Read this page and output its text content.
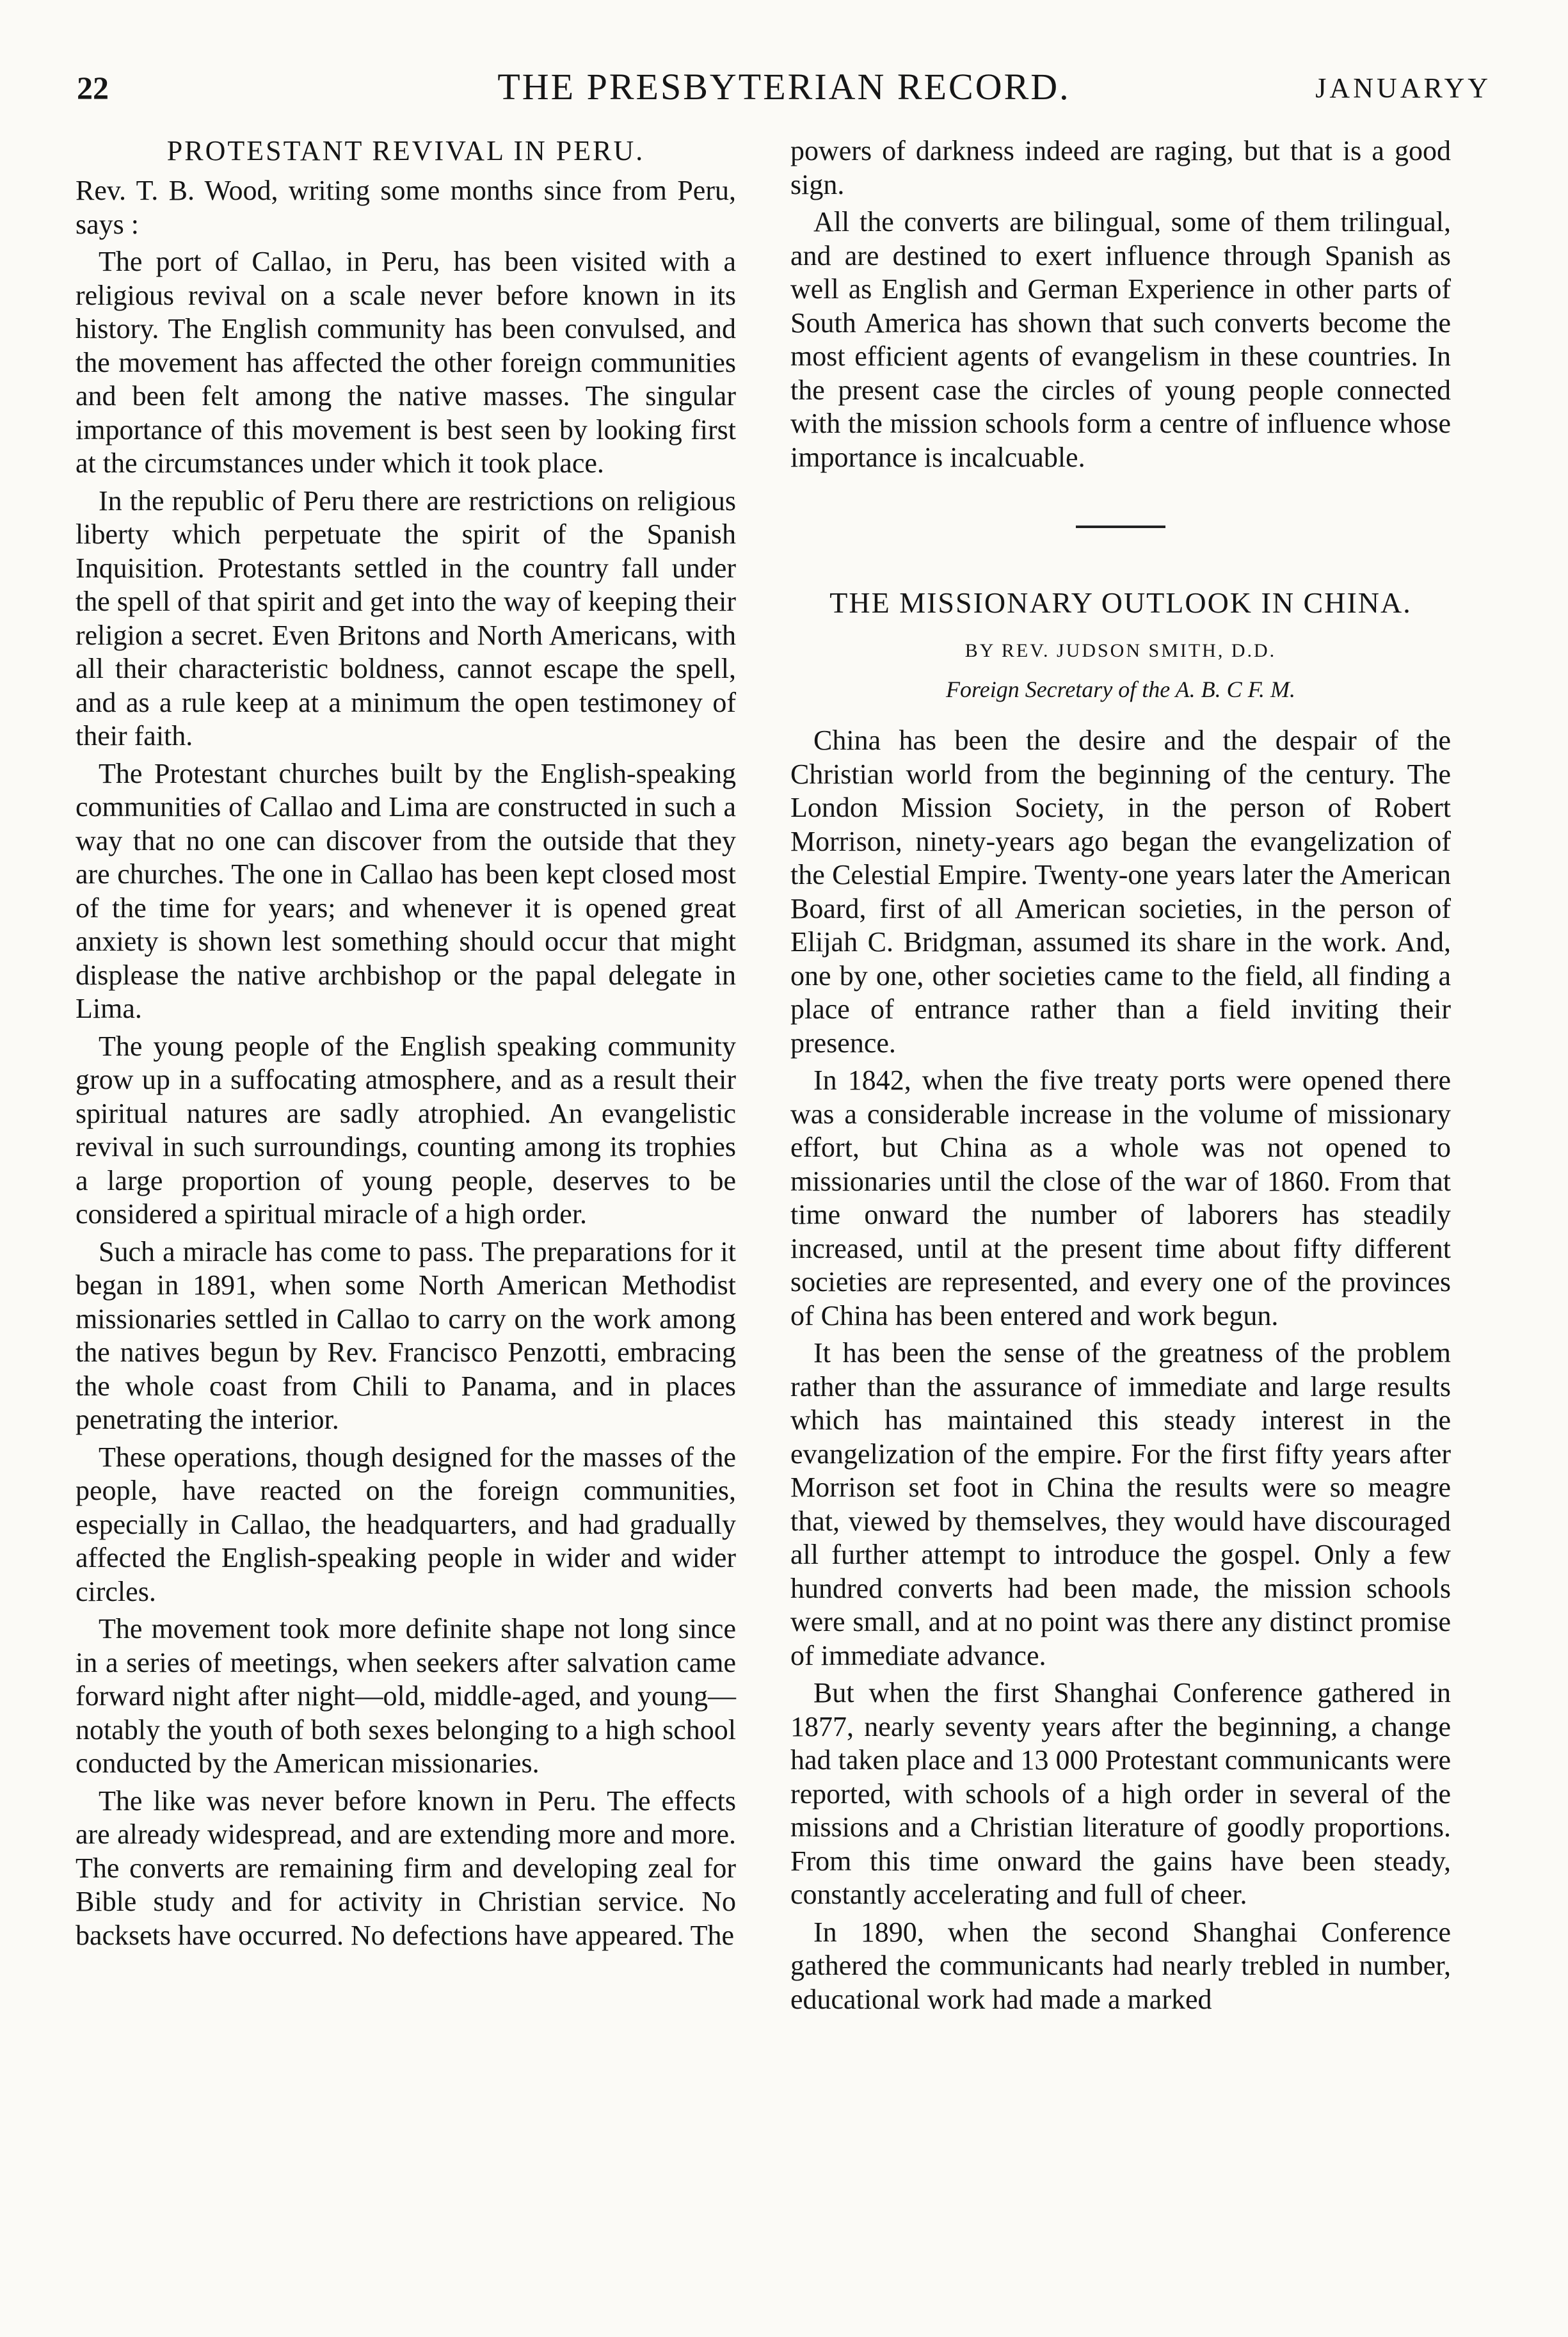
22	THE PRESBYTERIAN RECORD.	JANUARYY
PROTESTANT REVIVAL IN PERU.

Rev. T. B. Wood, writing some months since from Peru, says :

The port of Callao, in Peru, has been visited with a religious revival on a scale never before known in its history. The English community has been convulsed, and the movement has affected the other foreign communities and been felt among the native masses. The singular importance of this movement is best seen by looking first at the circumstances under which it took place.

In the republic of Peru there are restrictions on religious liberty which perpetuate the spirit of the Spanish Inquisition. Protestants settled in the country fall under the spell of that spirit and get into the way of keeping their religion a secret. Even Britons and North Americans, with all their characteristic boldness, cannot escape the spell, and as a rule keep at a minimum the open testimoney of their faith.

The Protestant churches built by the English-speaking communities of Callao and Lima are constructed in such a way that no one can discover from the outside that they are churches. The one in Callao has been kept closed most of the time for years; and whenever it is opened great anxiety is shown lest something should occur that might displease the native archbishop or the papal delegate in Lima.

The young people of the English speaking community grow up in a suffocating atmosphere, and as a result their spiritual natures are sadly atrophied. An evangelistic revival in such surroundings, counting among its trophies a large proportion of young people, deserves to be considered a spiritual miracle of a high order.

Such a miracle has come to pass. The preparations for it began in 1891, when some North American Methodist missionaries settled in Callao to carry on the work among the natives begun by Rev. Francisco Penzotti, embracing the whole coast from Chili to Panama, and in places penetrating the interior.

These operations, though designed for the masses of the people, have reacted on the foreign communities, especially in Callao, the headquarters, and had gradually affected the English-speaking people in wider and wider circles.

The movement took more definite shape not long since in a series of meetings, when seekers after salvation came forward night after night—old, middle-aged, and young—notably the youth of both sexes belonging to a high school conducted by the American missionaries.

The like was never before known in Peru. The effects are already widespread, and are extending more and more. The converts are remaining firm and developing zeal for Bible study and for activity in Christian service. No backsets have occurred. No defections have appeared. The

powers of darkness indeed are raging, but that is a good sign.

All the converts are bilingual, some of them trilingual, and are destined to exert influence through Spanish as well as English and German Experience in other parts of South America has shown that such converts become the most efficient agents of evangelism in these countries. In the present case the circles of young people connected with the mission schools form a centre of influence whose importance is incalcuable.

THE MISSIONARY OUTLOOK IN CHINA.
BY REV. JUDSON SMITH, D.D.
Foreign Secretary of the A. B. C F. M.

China has been the desire and the despair of the Christian world from the beginning of the century. The London Mission Society, in the person of Robert Morrison, ninety-years ago began the evangelization of the Celestial Empire. Twenty-one years later the American Board, first of all American societies, in the person of Elijah C. Bridgman, assumed its share in the work. And, one by one, other societies came to the field, all finding a place of entrance rather than a field inviting their presence.

In 1842, when the five treaty ports were opened there was a considerable increase in the volume of missionary effort, but China as a whole was not opened to missionaries until the close of the war of 1860. From that time onward the number of laborers has steadily increased, until at the present time about fifty different societies are represented, and every one of the provinces of China has been entered and work begun.

It has been the sense of the greatness of the problem rather than the assurance of immediate and large results which has maintained this steady interest in the evangelization of the empire. For the first fifty years after Morrison set foot in China the results were so meagre that, viewed by themselves, they would have discouraged all further attempt to introduce the gospel. Only a few hundred converts had been made, the mission schools were small, and at no point was there any distinct promise of immediate advance.

But when the first Shanghai Conference gathered in 1877, nearly seventy years after the beginning, a change had taken place and 13 000 Protestant communicants were reported, with schools of a high order in several of the missions and a Christian literature of goodly proportions. From this time onward the gains have been steady, constantly accelerating and full of cheer.

In 1890, when the second Shanghai Conference gathered the communicants had nearly trebled in number, educational work had made a marked
